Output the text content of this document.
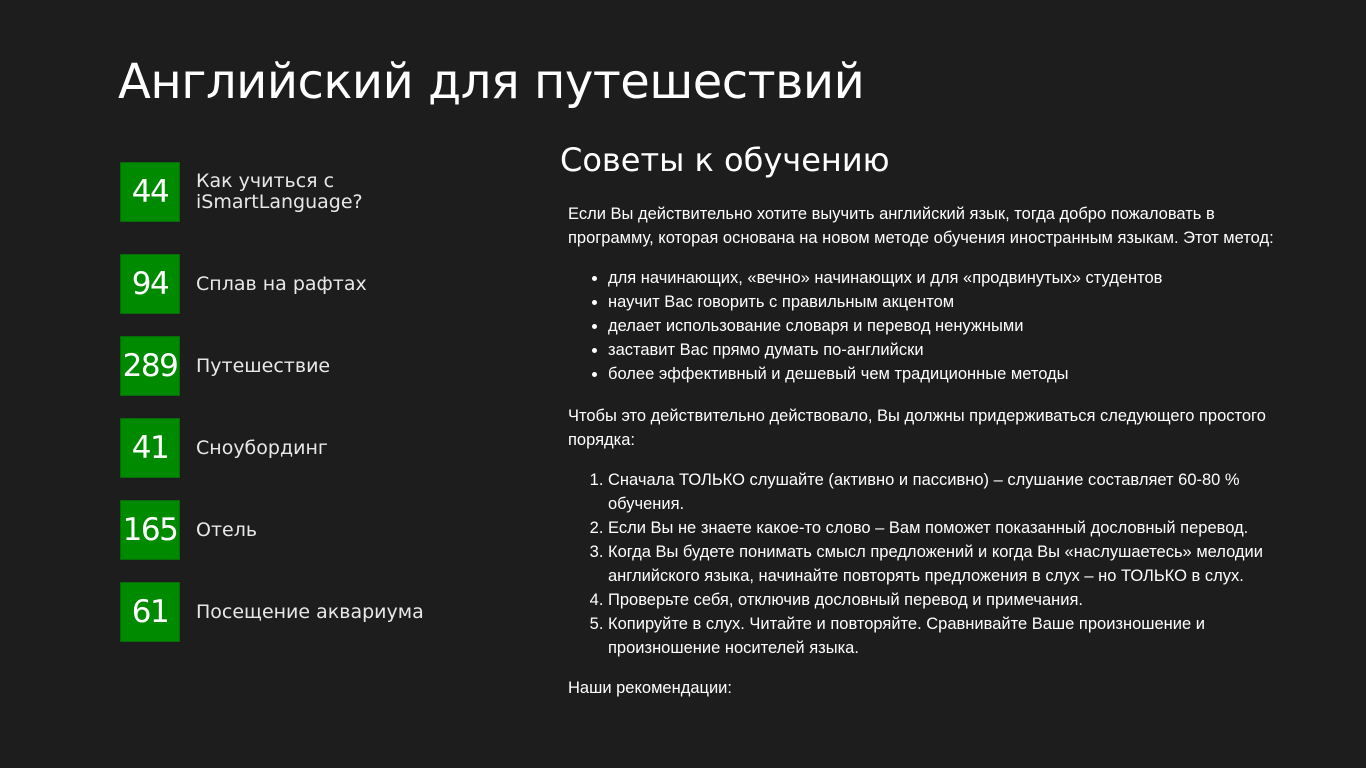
Английский для путешествий
44	Как учиться с iSmartLanguage?
94	Сплав на рафтах
289 Путешествие
41	Сноубординг
165 Отель
61	Посещение аквариума
Советы к обучению

Если Вы действительно хотите выучить английский язык, тогда добро пожаловать в программу, которая основана на новом методе обучения иностранным языкам. Этот метод:

• для начинающих, «вечно» начинающих и для «продвинутых» студентов
• научит Вас говорить с правильным акцентом
• делает использование словаря и перевод ненужными
• заставит Вас прямо думать по-английски
• более эффективный и дешевый чем традиционные методы

Чтобы это действительно действовало, Вы должны придерживаться следующего простого порядка:

1. Сначала ТОЛЬКО слушайте (активно и пассивно) – слушание составляет 60-80 % обучения.
2. Если Вы не знаете какое-то слово – Вам поможет показанный дословный перевод.
3. Когда Вы будете понимать смысл предложений и когда Вы «наслушаетесь» мелодии английского языка, начинайте повторять предложения в слух – но ТОЛЬКО в слух.
4. Проверьте себя, отключив дословный перевод и примечания.
5. Копируйте в слух. Читайте и повторяйте. Сравнивайте Ваше произношение и произношение носителей языка.

Наши рекомендации:
